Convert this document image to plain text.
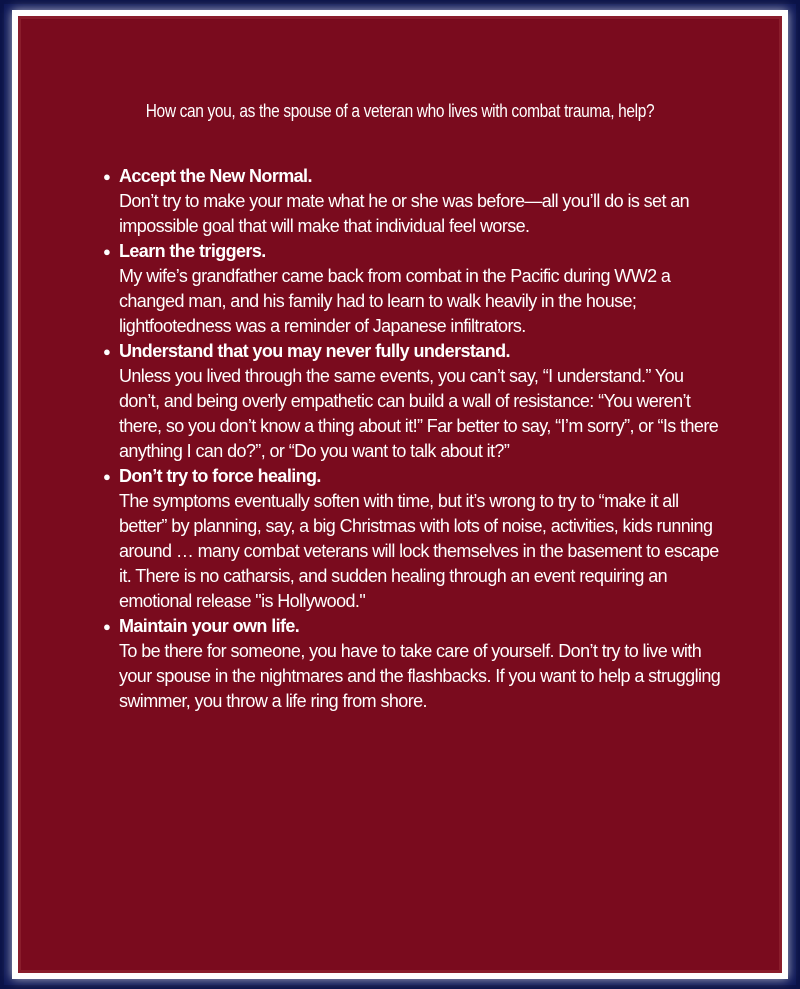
How can you, as the spouse of a veteran who lives with combat trauma, help?
● Accept the New Normal.
Don’t try to make your mate what he or she was before—all you’ll do is set an impossible goal that will make that individual feel worse.
● Learn the triggers.
My wife’s grandfather came back from combat in the Pacific during WW2 a changed man, and his family had to learn to walk heavily in the house; lightfootedness was a reminder of Japanese infiltrators.
● Understand that you may never fully understand.
Unless you lived through the same events, you can’t say, “I understand.” You don’t, and being overly empathetic can build a wall of resistance: “You weren’t there, so you don’t know a thing about it!” Far better to say, “I’m sorry”, or “Is there anything I can do?”, or “Do you want to talk about it?”
● Don’t try to force healing.
The symptoms eventually soften with time, but it’s wrong to try to “make it all better” by planning, say, a big Christmas with lots of noise, activities, kids running around … many combat veterans will lock themselves in the basement to escape it. There is no catharsis, and sudden healing through an event requiring an emotional release "is Hollywood."
● Maintain your own life.
To be there for someone, you have to take care of yourself. Don’t try to live with your spouse in the nightmares and the flashbacks. If you want to help a struggling swimmer, you throw a life ring from shore.
